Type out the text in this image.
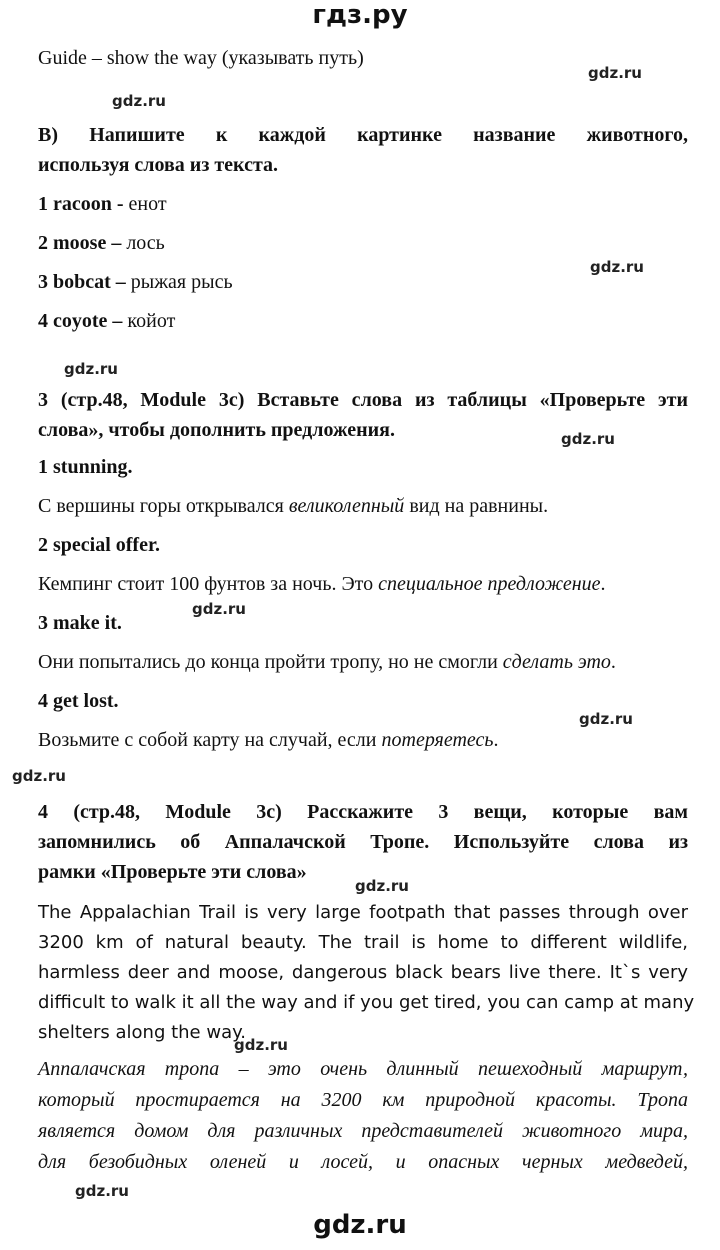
гдз.ру
Guide – show the way (указывать путь)
gdz.ru
gdz.ru
B) Напишите к каждой картинке название животного,
используя слова из текста.
1 racoon - енот
2 moose – лось
gdz.ru
3 bobcat – рыжая рысь
4 coyote – койот
gdz.ru
3 (стр.48, Module 3c) Вставьте слова из таблицы «Проверьте эти
слова», чтобы дополнить предложения.	gdz.ru
1 stunning.
С вершины горы открывался великолепный вид на равнины.
2 special offer.
Кемпинг стоит 100 фунтов за ночь. Это специальное предложение.
gdz.ru
3 make it.
Они попытались до конца пройти тропу, но не смогли сделать это.
4 get lost.
gdz.ru
Возьмите с собой карту на случай, если потеряетесь.
gdz.ru
4 (стр.48, Module 3c) Расскажите 3 вещи, которые вам
запомнились об Аппалачской Тропе. Используйте слова из
рамки «Проверьте эти слова»
gdz.ru
The Appalachian Trail is very large footpath that passes through over
3200 km of natural beauty. The trail is home to different wildlife,
harmless deer and moose, dangerous black bears live there. It`s very
difficult to walk it all the way and if you get tired, you can camp at many
shelters along the way.
gdz.ru
Аппалачская тропа – это очень длинный пешеходный маршрут,
который простирается на 3200 км природной красоты. Тропа
является домом для различных представителей животного мира,
для безобидных оленей и лосей, и опасных черных медведей,
gdz.ru
gdz.ru
